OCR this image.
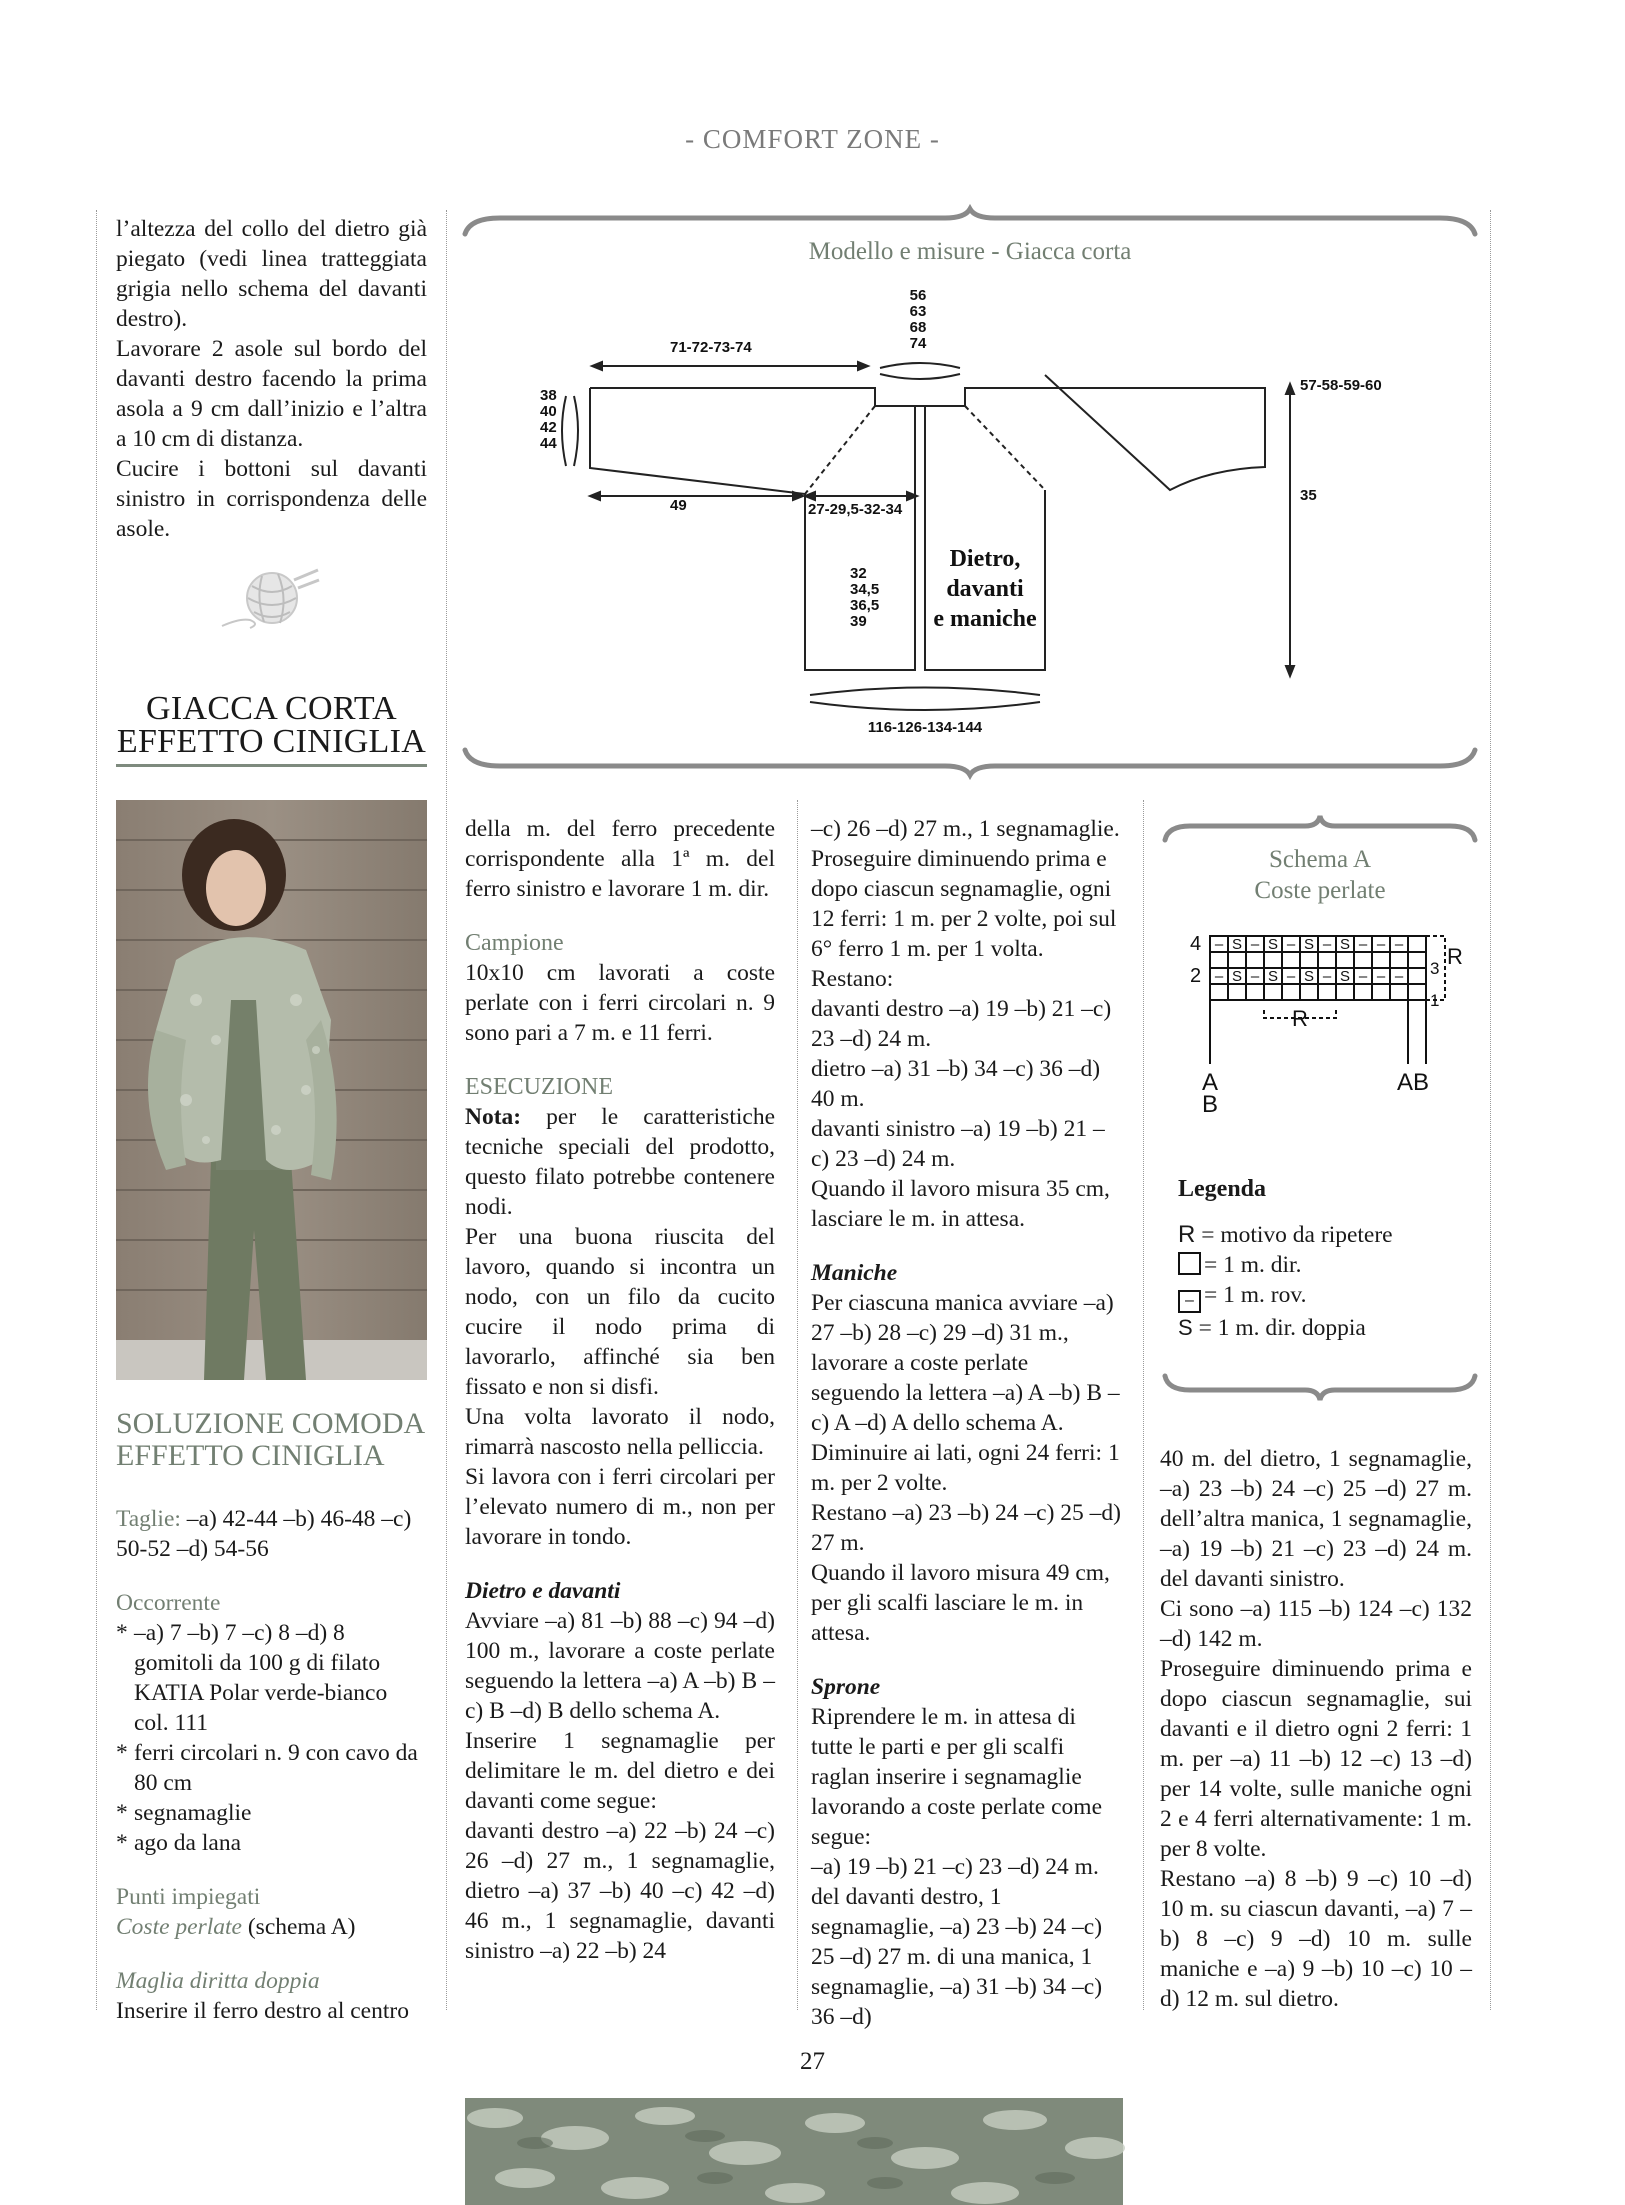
- COMFORT ZONE -

l’altezza del collo del dietro già piegato (vedi linea tratteggiata grigia nello schema del davanti destro).

Lavorare 2 asole sul bordo del davanti destro facendo la prima asola a 9 cm dall’inizio e l’altra a 10 cm di distanza.

Cucire i bottoni sul davanti sinistro in corrispondenza delle asole.

GIACCA CORTA
EFFETTO CINIGLIA
SOLUZIONE COMODA
EFFETTO CINIGLIA

Taglie: –a) 42-44 –b) 46-48 –c) 50-52 –d) 54-56

Occorrente

* –a) 7 –b) 7 –c) 8 –d) 8 gomitoli da 100 g di filato KATIA Polar verde-bianco col. 111
* ferri circolari n. 9 con cavo da 80 cm
* segnamaglie
* ago da lana

Punti impiegati

Coste perlate (schema A)

Maglia diritta doppia

Inserire il ferro destro al centro

Modello e misure - Giacca corta
56
63
68
74
71-72-73-74
38
40
42
44
57-58-59-60
49	27-29,5-32-34
35
32
34,5
36,5
39
116-126-134-144
Dietro,
davanti
e maniche

della m. del ferro precedente corrispondente alla 1ª m. del ferro sinistro e lavorare 1 m. dir.

Campione

10x10 cm lavorati a coste perlate con i ferri circolari n. 9 sono pari a 7 m. e 11 ferri.

ESECUZIONE

Nota: per le caratteristiche tecniche speciali del prodotto, questo filato potrebbe contenere nodi.

Per una buona riuscita del lavoro, quando si incontra un nodo, con un filo da cucito cucire il nodo prima di lavorarlo, affinché sia ben fissato e non si disfi.

Una volta lavorato il nodo, rimarrà nascosto nella pelliccia.

Si lavora con i ferri circolari per l’elevato numero di m., non per lavorare in tondo.

Dietro e davanti

Avviare –a) 81 –b) 88 –c) 94 –d) 100 m., lavorare a coste perlate seguendo la lettera –a) A –b) B –c) B –d) B dello schema A.

Inserire 1 segnamaglie per delimitare le m. del dietro e dei davanti come segue:

davanti destro –a) 22 –b) 24 –c) 26 –d) 27 m., 1 segnamaglie, dietro –a) 37 –b) 40 –c) 42 –d) 46 m., 1 segnamaglie, davanti sinistro –a) 22 –b) 24

–c) 26 –d) 27 m., 1 segnamaglie.

Proseguire diminuendo prima e dopo ciascun segnamaglie, ogni 12 ferri: 1 m. per 2 volte, poi sul 6° ferro 1 m. per 1 volta.

Restano:

davanti destro –a) 19 –b) 21 –c) 23 –d) 24 m.

dietro –a) 31 –b) 34 –c) 36 –d) 40 m.

davanti sinistro –a) 19 –b) 21 –c) 23 –d) 24 m.

Quando il lavoro misura 35 cm, lasciare le m. in attesa.

Maniche

Per ciascuna manica avviare –a) 27 –b) 28 –c) 29 –d) 31 m., lavorare a coste perlate seguendo la lettera –a) A –b) B –c) A –d) A dello schema A.

Diminuire ai lati, ogni 24 ferri: 1 m. per 2 volte.

Restano –a) 23 –b) 24 –c) 25 –d) 27 m.

Quando il lavoro misura 49 cm, per gli scalfi lasciare le m. in attesa.

Sprone

Riprendere le m. in attesa di tutte le parti e per gli scalfi raglan inserire i segnamaglie lavorando a coste perlate come segue:

–a) 19 –b) 21 –c) 23 –d) 24 m. del davanti destro, 1 segnamaglie, –a) 23 –b) 24 –c) 25 –d) 27 m. di una manica, 1 segnamaglie, –a) 31 –b) 34 –c) 36 –d)

Schema A
Coste perlate
– S – S – S – S – – –
– S – S – S – S – – –
4
2	3
1
R
R
A
B
AB
Legenda
R = motivo da ripetere
= 1 m. dir.
– = 1 m. rov.
S = 1 m. dir. doppia

40 m. del dietro, 1 segnamaglie, –a) 23 –b) 24 –c) 25 –d) 27 m. dell’altra manica, 1 segnamaglie, –a) 19 –b) 21 –c) 23 –d) 24 m. del davanti sinistro.

Ci sono –a) 115 –b) 124 –c) 132 –d) 142 m.

Proseguire diminuendo prima e dopo ciascun segnamaglie, sui davanti e il dietro ogni 2 ferri: 1 m. per –a) 11 –b) 12 –c) 13 –d) per 14 volte, sulle maniche ogni 2 e 4 ferri alternativamente: 1 m. per 8 volte.

Restano –a) 8 –b) 9 –c) 10 –d) 10 m. su ciascun davanti, –a) 7 –b) 8 –c) 9 –d) 10 m. sulle maniche e –a) 9 –b) 10 –c) 10 –d) 12 m. sul dietro.

27
